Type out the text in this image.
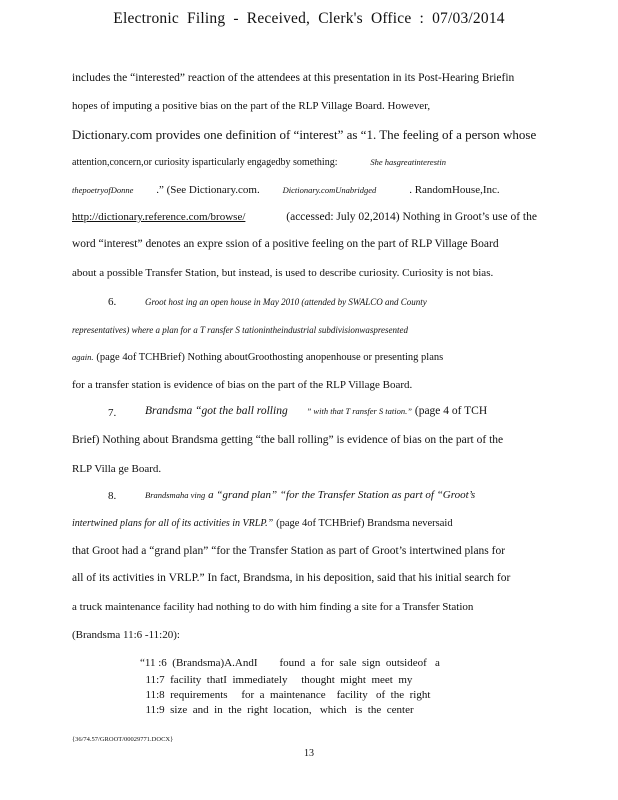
Electronic Filing - Received, Clerk's Office : 07/03/2014
includes the “interested” reaction of the attendees at this presentation in its Post-Hearing Briefin
hopes of imputing a positive bias on the part of the RLP Village Board. However,
Dictionary.com provides one definition of “interest” as “1. The feeling of a person whose
attention,concern,or curiosity isparticularly engagedby something:	She hasgreatinterestin
thepoetryofDonne .” (See Dictionary.com.	Dictionary.comUnabridged	. RandomHouse,Inc.
http://dictionary.reference.com/browse/	(accessed: July 02,2014) Nothing in Groot’s use of the
word “interest” denotes an expre ssion of a positive feeling on the part of RLP Village Board
about a possible Transfer Station, but instead, is used to describe curiosity. Curiosity is not bias.
6.	Groot host ing an open house in May 2010 (attended by SWALCO and County
representatives) where a plan for a T ransfer S tationintheindustrial subdivisionwaspresented
again. (page 4of TCHBrief) Nothing aboutGroothosting anopenhouse or presenting plans
for a transfer station is evidence of bias on the part of the RLP Village Board.
7.	Brandsma “got the ball rolling ” with that T ransfer S tation.” (page 4 of TCH
Brief) Nothing about Brandsma getting “the ball rolling” is evidence of bias on the part of the
RLP Villa ge Board.
8.	Brandsmaha ving a “grand plan” “for the Transfer Station as part of “Groot’s
intertwined plans for all of its activities in VRLP.” (page 4of TCHBrief) Brandsma neversaid
that Groot had a “grand plan” “for the Transfer Station as part of Groot’s intertwined plans for
all of its activities in VRLP.” In fact, Brandsma, in his deposition, said that his initial search for
a truck maintenance facility had nothing to do with him finding a site for a Transfer Station
(Brandsma 11:6 -11:20):
“11 :6  (Brandsma)A.AndI        found  a  for  sale  sign  outsideof   a
11:7  facility  thatI  immediately     thought  might  meet  my
11:8  requirements     for  a  maintenance    facility   of  the  right
11:9  size  and  in  the  right  location,   which   is  the  center
{36/74.57/GROOT/00029771.DOCX}
13
